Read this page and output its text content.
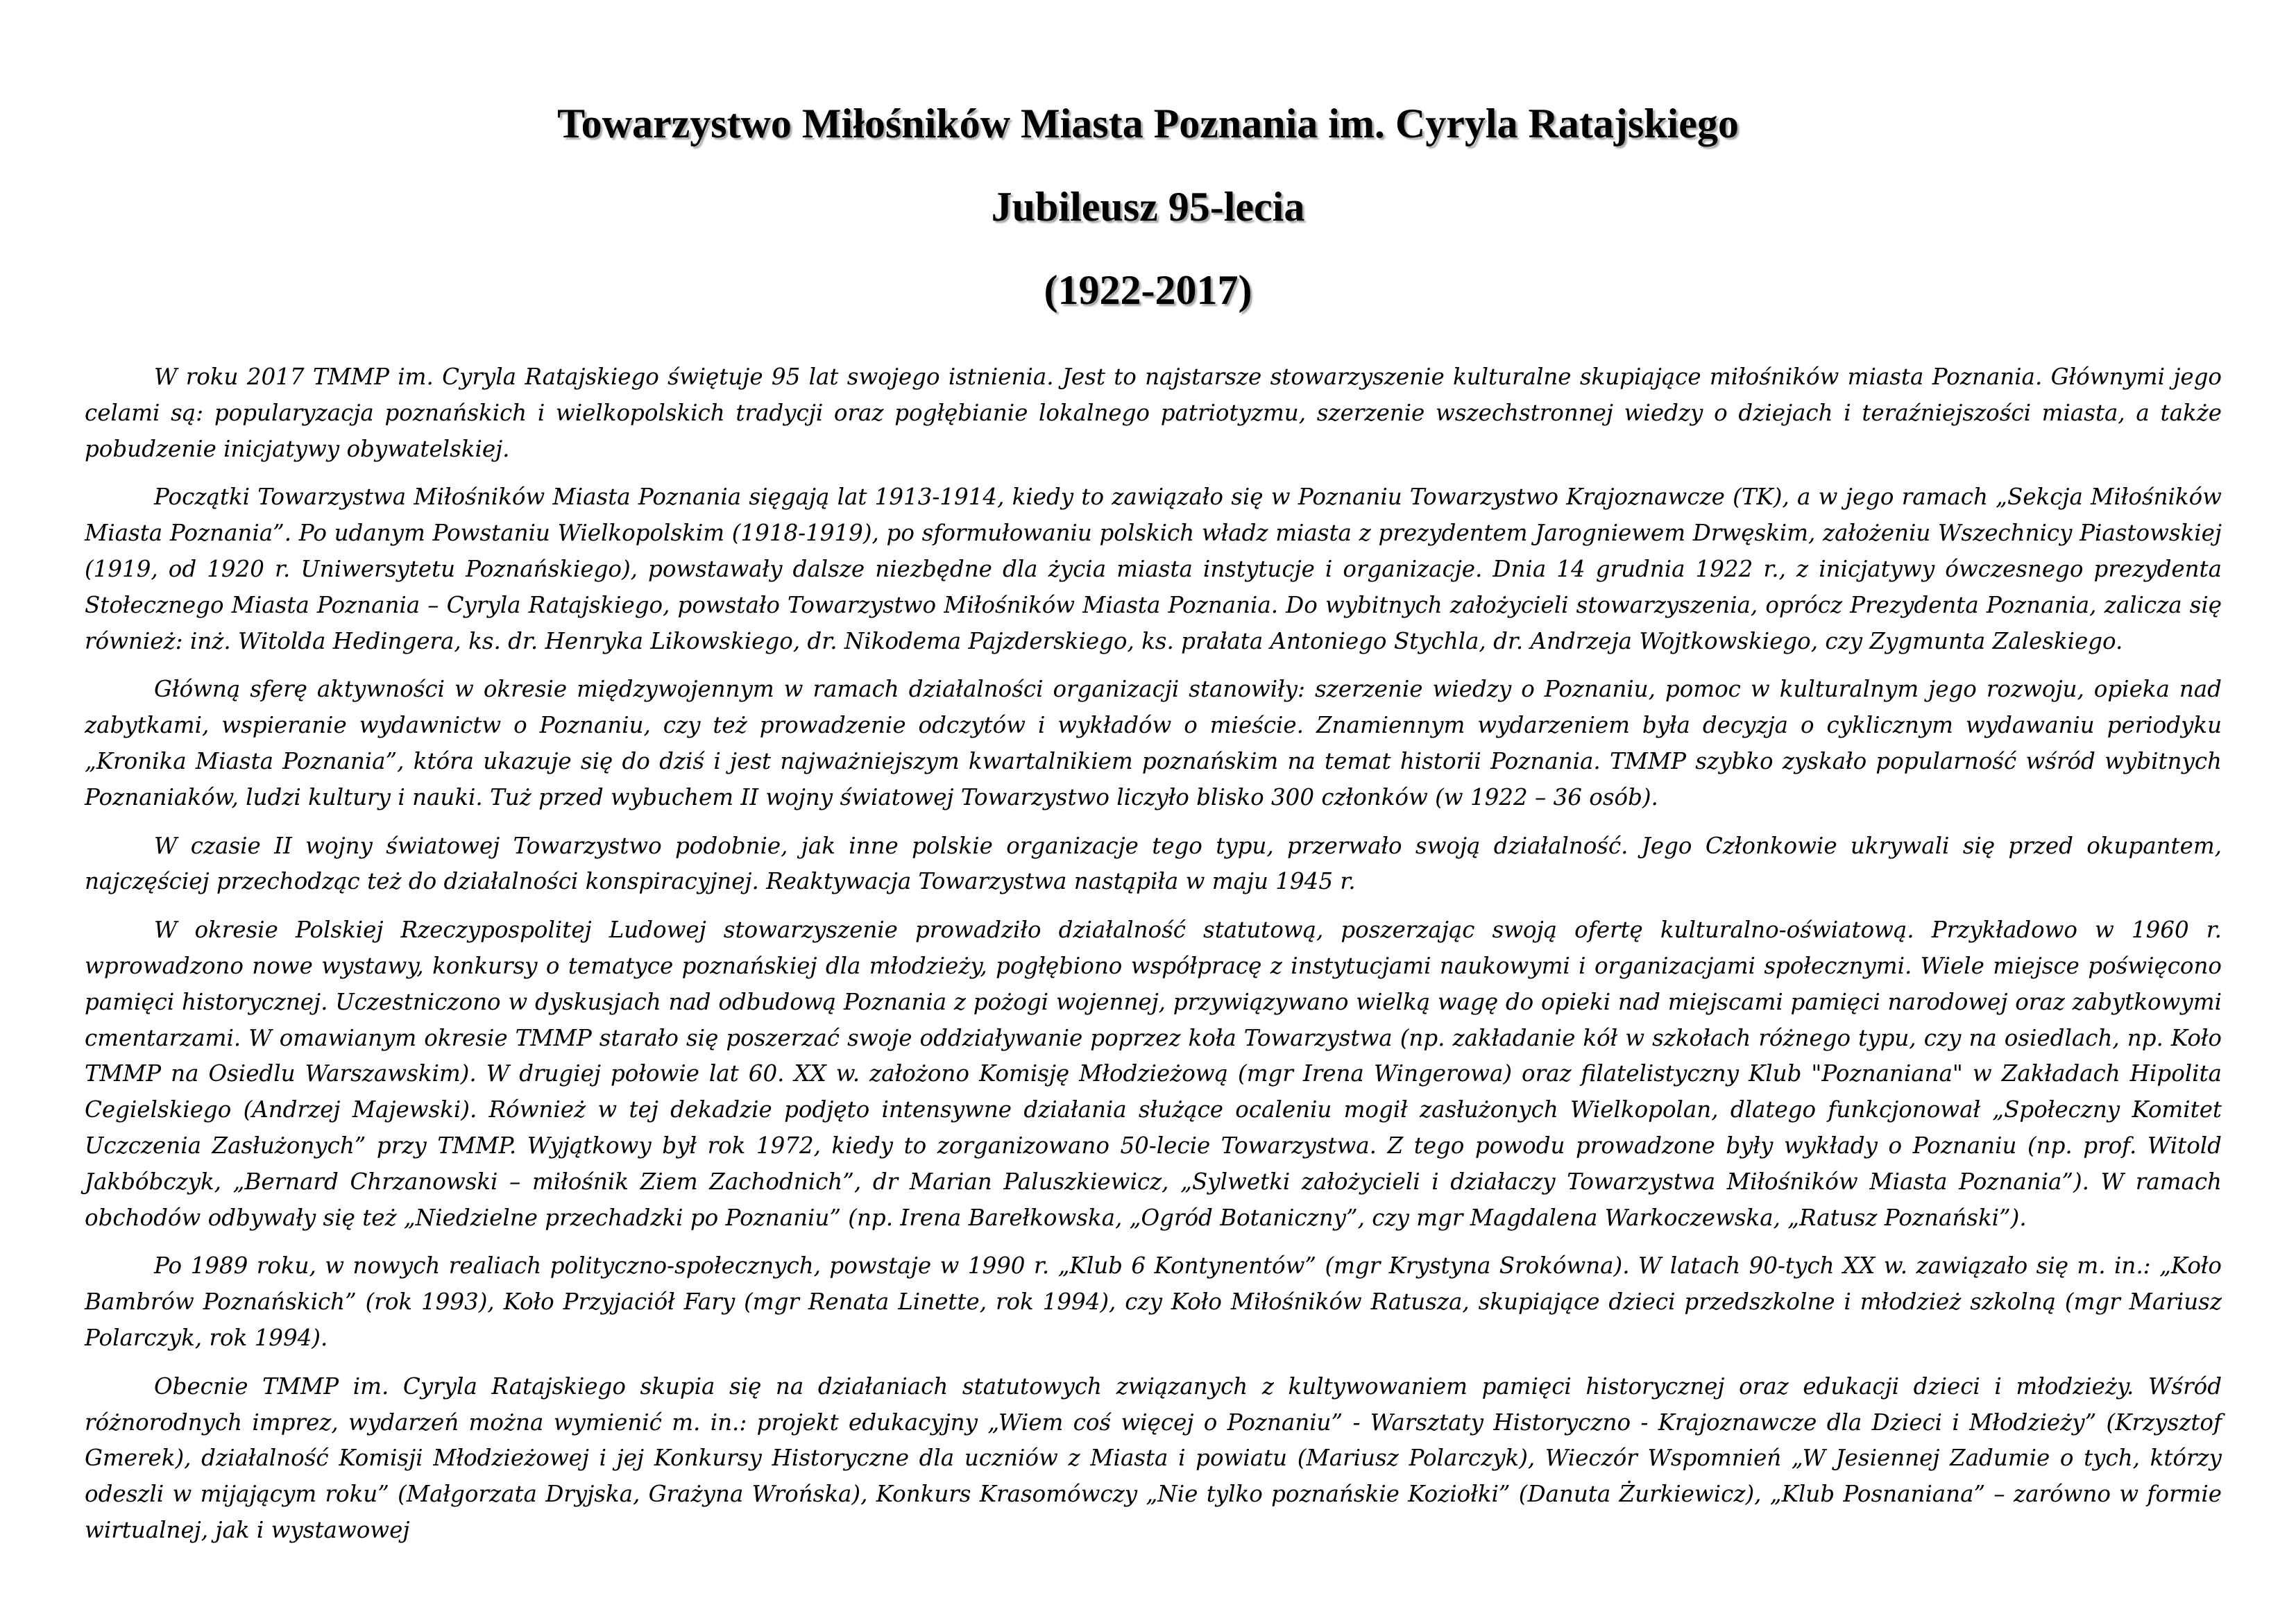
Towarzystwo Miłośników Miasta Poznania im. Cyryla Ratajskiego
Jubileusz 95-lecia
(1922-2017)

W roku 2017 TMMP im. Cyryla Ratajskiego świętuje 95 lat swojego istnienia. Jest to najstarsze stowarzyszenie kulturalne skupiające miłośników miasta Poznania. Głównymi jego celami są: popularyzacja poznańskich i wielkopolskich tradycji oraz pogłębianie lokalnego patriotyzmu, szerzenie wszechstronnej wiedzy o dziejach i teraźniejszości miasta, a także pobudzenie inicjatywy obywatelskiej.

Początki Towarzystwa Miłośników Miasta Poznania sięgają lat 1913-1914, kiedy to zawiązało się w Poznaniu Towarzystwo Krajoznawcze (TK), a w jego ramach „Sekcja Miłośników Miasta Poznania”. Po udanym Powstaniu Wielkopolskim (1918-1919), po sformułowaniu polskich władz miasta z prezydentem Jarogniewem Drwęskim, założeniu Wszechnicy Piastowskiej (1919, od 1920 r. Uniwersytetu Poznańskiego), powstawały dalsze niezbędne dla życia miasta instytucje i organizacje. Dnia 14 grudnia 1922 r., z inicjatywy ówczesnego prezydenta Stołecznego Miasta Poznania – Cyryla Ratajskiego, powstało Towarzystwo Miłośników Miasta Poznania. Do wybitnych założycieli stowarzyszenia, oprócz Prezydenta Poznania, zalicza się również: inż. Witolda Hedingera, ks. dr. Henryka Likowskiego, dr. Nikodema Pajzderskiego, ks. prałata Antoniego Stychla, dr. Andrzeja Wojtkowskiego, czy Zygmunta Zaleskiego.

Główną sferę aktywności w okresie międzywojennym w ramach działalności organizacji stanowiły: szerzenie wiedzy o Poznaniu, pomoc w kulturalnym jego rozwoju, opieka nad zabytkami, wspieranie wydawnictw o Poznaniu, czy też prowadzenie odczytów i wykładów o mieście. Znamiennym wydarzeniem była decyzja o cyklicznym wydawaniu periodyku „Kronika Miasta Poznania”, która ukazuje się do dziś i jest najważniejszym kwartalnikiem poznańskim na temat historii Poznania. TMMP szybko zyskało popularność wśród wybitnych Poznaniaków, ludzi kultury i nauki. Tuż przed wybuchem II wojny światowej Towarzystwo liczyło blisko 300 członków (w 1922 – 36 osób).

W czasie II wojny światowej Towarzystwo podobnie, jak inne polskie organizacje tego typu, przerwało swoją działalność. Jego Członkowie ukrywali się przed okupantem, najczęściej przechodząc też do działalności konspiracyjnej. Reaktywacja Towarzystwa nastąpiła w maju 1945 r.

W okresie Polskiej Rzeczypospolitej Ludowej stowarzyszenie prowadziło działalność statutową, poszerzając swoją ofertę kulturalno-oświatową. Przykładowo w 1960 r. wprowadzono nowe wystawy, konkursy o tematyce poznańskiej dla młodzieży, pogłębiono współpracę z instytucjami naukowymi i organizacjami społecznymi. Wiele miejsce poświęcono pamięci historycznej. Uczestniczono w dyskusjach nad odbudową Poznania z pożogi wojennej, przywiązywano wielką wagę do opieki nad miejscami pamięci narodowej oraz zabytkowymi cmentarzami. W omawianym okresie TMMP starało się poszerzać swoje oddziaływanie poprzez koła Towarzystwa (np. zakładanie kół w szkołach różnego typu, czy na osiedlach, np. Koło TMMP na Osiedlu Warszawskim). W drugiej połowie lat 60. XX w. założono Komisję Młodzieżową (mgr Irena Wingerowa) oraz filatelistyczny Klub "Poznaniana" w Zakładach Hipolita Cegielskiego (Andrzej Majewski). Również w tej dekadzie podjęto intensywne działania służące ocaleniu mogił zasłużonych Wielkopolan, dlatego funkcjonował „Społeczny Komitet Uczczenia Zasłużonych” przy TMMP. Wyjątkowy był rok 1972, kiedy to zorganizowano 50-lecie Towarzystwa. Z tego powodu prowadzone były wykłady o Poznaniu (np. prof. Witold Jakbóbczyk, „Bernard Chrzanowski – miłośnik Ziem Zachodnich”, dr Marian Paluszkiewicz, „Sylwetki założycieli i działaczy Towarzystwa Miłośników Miasta Poznania”). W ramach obchodów odbywały się też „Niedzielne przechadzki po Poznaniu” (np. Irena Barełkowska, „Ogród Botaniczny”, czy mgr Magdalena Warkoczewska, „Ratusz Poznański”).

Po 1989 roku, w nowych realiach polityczno-społecznych, powstaje w 1990 r. „Klub 6 Kontynentów” (mgr Krystyna Srokówna). W latach 90-tych XX w. zawiązało się m. in.: „Koło Bambrów Poznańskich” (rok 1993), Koło Przyjaciół Fary (mgr Renata Linette, rok 1994), czy Koło Miłośników Ratusza, skupiające dzieci przedszkolne i młodzież szkolną (mgr Mariusz Polarczyk, rok 1994).

Obecnie TMMP im. Cyryla Ratajskiego skupia się na działaniach statutowych związanych z kultywowaniem pamięci historycznej oraz edukacji dzieci i młodzieży. Wśród różnorodnych imprez, wydarzeń można wymienić m. in.: projekt edukacyjny „Wiem coś więcej o Poznaniu” - Warsztaty Historyczno - Krajoznawcze dla Dzieci i Młodzieży” (Krzysztof Gmerek), działalność Komisji Młodzieżowej i jej Konkursy Historyczne dla uczniów z Miasta i powiatu (Mariusz Polarczyk), Wieczór Wspomnień „W Jesiennej Zadumie o tych, którzy odeszli w mijającym roku” (Małgorzata Dryjska, Grażyna Wrońska), Konkurs Krasomówczy „Nie tylko poznańskie Koziołki” (Danuta Żurkiewicz), „Klub Posnaniana” – zarówno w formie wirtualnej, jak i wystawowej
